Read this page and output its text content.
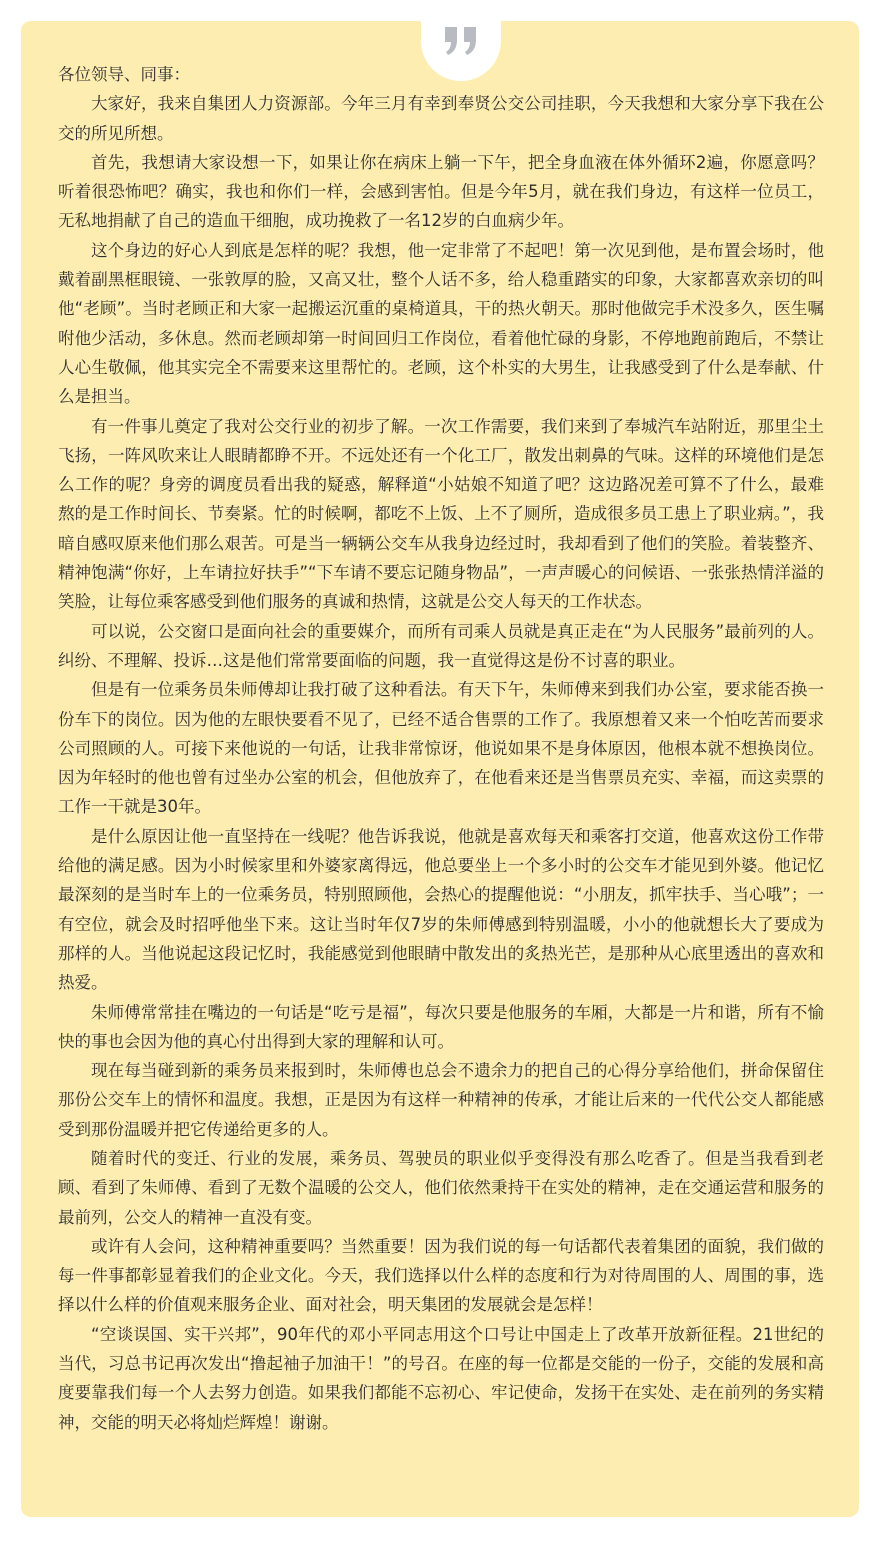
各位领导、同事：

大家好，我来自集团人力资源部。今年三月有幸到奉贤公交公司挂职，今天我想和大家分享下我在公交的所见所想。

首先，我想请大家设想一下，如果让你在病床上躺一下午，把全身血液在体外循环2遍，你愿意吗？听着很恐怖吧？确实，我也和你们一样，会感到害怕。但是今年5月，就在我们身边，有这样一位员工，无私地捐献了自己的造血干细胞，成功挽救了一名12岁的白血病少年。

这个身边的好心人到底是怎样的呢？我想，他一定非常了不起吧！第一次见到他，是布置会场时，他戴着副黑框眼镜、一张敦厚的脸，又高又壮，整个人话不多，给人稳重踏实的印象，大家都喜欢亲切的叫他“老顾”。当时老顾正和大家一起搬运沉重的桌椅道具，干的热火朝天。那时他做完手术没多久，医生嘱咐他少活动，多休息。然而老顾却第一时间回归工作岗位，看着他忙碌的身影，不停地跑前跑后，不禁让人心生敬佩，他其实完全不需要来这里帮忙的。老顾，这个朴实的大男生，让我感受到了什么是奉献、什么是担当。

有一件事儿奠定了我对公交行业的初步了解。一次工作需要，我们来到了奉城汽车站附近，那里尘土飞扬，一阵风吹来让人眼睛都睁不开。不远处还有一个化工厂，散发出刺鼻的气味。这样的环境他们是怎么工作的呢？身旁的调度员看出我的疑惑，解释道“小姑娘不知道了吧？这边路况差可算不了什么，最难熬的是工作时间长、节奏紧。忙的时候啊，都吃不上饭、上不了厕所，造成很多员工患上了职业病。”，我暗自感叹原来他们那么艰苦。可是当一辆辆公交车从我身边经过时，我却看到了他们的笑脸。着装整齐、精神饱满“你好，上车请拉好扶手”“下车请不要忘记随身物品”，一声声暖心的问候语、一张张热情洋溢的笑脸，让每位乘客感受到他们服务的真诚和热情，这就是公交人每天的工作状态。

可以说，公交窗口是面向社会的重要媒介，而所有司乘人员就是真正走在“为人民服务”最前列的人。纠纷、不理解、投诉…这是他们常常要面临的问题，我一直觉得这是份不讨喜的职业。

但是有一位乘务员朱师傅却让我打破了这种看法。有天下午，朱师傅来到我们办公室，要求能否换一份车下的岗位。因为他的左眼快要看不见了，已经不适合售票的工作了。我原想着又来一个怕吃苦而要求公司照顾的人。可接下来他说的一句话，让我非常惊讶，他说如果不是身体原因，他根本就不想换岗位。因为年轻时的他也曾有过坐办公室的机会，但他放弃了，在他看来还是当售票员充实、幸福，而这卖票的工作一干就是30年。

是什么原因让他一直坚持在一线呢？他告诉我说，他就是喜欢每天和乘客打交道，他喜欢这份工作带给他的满足感。因为小时候家里和外婆家离得远，他总要坐上一个多小时的公交车才能见到外婆。他记忆最深刻的是当时车上的一位乘务员，特别照顾他，会热心的提醒他说：“小朋友，抓牢扶手、当心哦”；一有空位，就会及时招呼他坐下来。这让当时年仅7岁的朱师傅感到特别温暖，小小的他就想长大了要成为那样的人。当他说起这段记忆时，我能感觉到他眼睛中散发出的炙热光芒，是那种从心底里透出的喜欢和热爱。

朱师傅常常挂在嘴边的一句话是“吃亏是福”，每次只要是他服务的车厢，大都是一片和谐，所有不愉快的事也会因为他的真心付出得到大家的理解和认可。

现在每当碰到新的乘务员来报到时，朱师傅也总会不遗余力的把自己的心得分享给他们，拼命保留住那份公交车上的情怀和温度。我想，正是因为有这样一种精神的传承，才能让后来的一代代公交人都能感受到那份温暖并把它传递给更多的人。

随着时代的变迁、行业的发展，乘务员、驾驶员的职业似乎变得没有那么吃香了。但是当我看到老顾、看到了朱师傅、看到了无数个温暖的公交人，他们依然秉持干在实处的精神，走在交通运营和服务的最前列，公交人的精神一直没有变。

或许有人会问，这种精神重要吗？当然重要！因为我们说的每一句话都代表着集团的面貌，我们做的每一件事都彰显着我们的企业文化。今天，我们选择以什么样的态度和行为对待周围的人、周围的事，选择以什么样的价值观来服务企业、面对社会，明天集团的发展就会是怎样！

“空谈误国、实干兴邦”，90年代的邓小平同志用这个口号让中国走上了改革开放新征程。21世纪的当代，习总书记再次发出“撸起袖子加油干！”的号召。在座的每一位都是交能的一份子，交能的发展和高度要靠我们每一个人去努力创造。如果我们都能不忘初心、牢记使命，发扬干在实处、走在前列的务实精神，交能的明天必将灿烂辉煌！谢谢。
